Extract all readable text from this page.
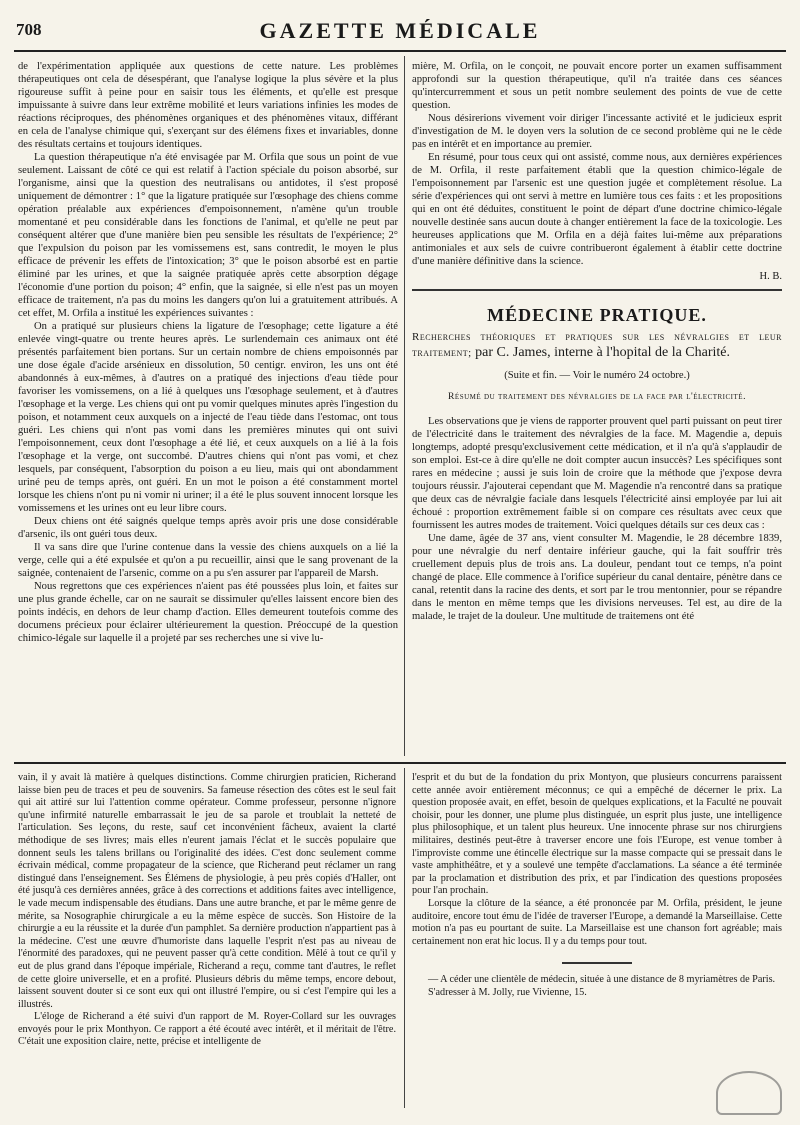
708	GAZETTE MÉDICALE

de l'expérimentation appliquée aux questions de cette nature. Les problèmes thérapeutiques ont cela de désespérant, que l'analyse logique la plus sévère et la plus rigoureuse suffit à peine pour en saisir tous les éléments, et qu'elle est presque impuissante à suivre dans leur extrême mobilité et leurs variations infinies les modes de réactions réciproques, des phénomènes organiques et des phénomènes vitaux, différant en cela de l'analyse chimique qui, s'exerçant sur des élémens fixes et invariables, donne des résultats certains et toujours identiques.

La question thérapeutique n'a été envisagée par M. Orfila que sous un point de vue seulement. Laissant de côté ce qui est relatif à l'action spéciale du poison absorbé, sur l'organisme, ainsi que la question des neutralisans ou antidotes, il s'est proposé uniquement de démontrer : 1° que la ligature pratiquée sur l'œsophage des chiens comme opération préalable aux expériences d'empoisonnement, n'amène qu'un trouble momentané et peu considérable dans les fonctions de l'animal, et qu'elle ne peut par conséquent altérer que d'une manière bien peu sensible les résultats de l'expérience; 2° que l'expulsion du poison par les vomissemens est, sans contredit, le moyen le plus efficace de prévenir les effets de l'intoxication; 3° que le poison absorbé est en partie éliminé par les urines, et que la saignée pratiquée après cette absorption dégage l'économie d'une portion du poison; 4° enfin, que la saignée, si elle n'est pas un moyen efficace de traitement, n'a pas du moins les dangers qu'on lui a gratuitement attribués. A cet effet, M. Orfila a institué les expériences suivantes :

On a pratiqué sur plusieurs chiens la ligature de l'œsophage; cette ligature a été enlevée vingt-quatre ou trente heures après. Le surlendemain ces animaux ont été présentés parfaitement bien portans. Sur un certain nombre de chiens empoisonnés par une dose égale d'acide arsénieux en dissolution, 50 centigr. environ, les uns ont été abandonnés à eux-mêmes, à d'autres on a pratiqué des injections d'eau tiède pour favoriser les vomissemens, on a lié à quelques uns l'œsophage seulement, et à d'autres l'œsophage et la verge. Les chiens qui ont pu vomir quelques minutes après l'ingestion du poison, et notamment ceux auxquels on a injecté de l'eau tiède dans l'estomac, ont tous guéri. Les chiens qui n'ont pas vomi dans les premières minutes qui ont suivi l'empoisonnement, ceux dont l'œsophage a été lié, et ceux auxquels on a lié à la fois l'œsophage et la verge, ont succombé. D'autres chiens qui n'ont pas vomi, et chez lesquels, par conséquent, l'absorption du poison a eu lieu, mais qui ont abondamment uriné peu de temps après, ont guéri. En un mot le poison a été constamment mortel lorsque les chiens n'ont pu ni vomir ni uriner; il a été le plus souvent innocent lorsque les vomissemens et les urines ont eu leur libre cours.

Deux chiens ont été saignés quelque temps après avoir pris une dose considérable d'arsenic, ils ont guéri tous deux.

Il va sans dire que l'urine contenue dans la vessie des chiens auxquels on a lié la verge, celle qui a été expulsée et qu'on a pu recueillir, ainsi que le sang provenant de la saignée, contenaient de l'arsenic, comme on a pu s'en assurer par l'appareil de Marsh.

Nous regrettons que ces expériences n'aient pas été poussées plus loin, et faites sur une plus grande échelle, car on ne saurait se dissimuler qu'elles laissent encore bien des points indécis, en dehors de leur champ d'action. Elles demeurent toutefois comme des documens précieux pour éclairer ultérieurement la question. Préoccupé de la question chimico-légale sur laquelle il a projeté par ses recherches une si vive lu-

mière, M. Orfila, on le conçoit, ne pouvait encore porter un examen suffisamment approfondi sur la question thérapeutique, qu'il n'a traitée dans ces séances qu'intercurremment et sous un petit nombre seulement des points de vue de cette question.

Nous désirerions vivement voir diriger l'incessante activité et le judicieux esprit d'investigation de M. le doyen vers la solution de ce second problème qui ne le cède pas en intérêt et en importance au premier.

En résumé, pour tous ceux qui ont assisté, comme nous, aux dernières expériences de M. Orfila, il reste parfaitement établi que la question chimico-légale de l'empoisonnement par l'arsenic est une question jugée et complètement résolue. La série d'expériences qui ont servi à mettre en lumière tous ces faits : et les propositions qui en ont été déduites, constituent le point de départ d'une doctrine chimico-légale nouvelle destinée sans aucun doute à changer entièrement la face de la toxicologie. Les heureuses applications que M. Orfila en a déjà faites lui-même aux préparations antimoniales et aux sels de cuivre contribueront également à établir cette doctrine d'une manière définitive dans la science.

H. B.
MÉDECINE PRATIQUE.
Recherches théoriques et pratiques sur les névralgies et leur traitement; par C. James, interne à l'hopital de la Charité.
(Suite et fin. — Voir le numéro 24 octobre.)
Résumé du traitement des névralgies de la face par l'électricité.

Les observations que je viens de rapporter prouvent quel parti puissant on peut tirer de l'électricité dans le traitement des névralgies de la face. M. Magendie a, depuis longtemps, adopté presqu'exclusivement cette médication, et il n'a qu'à s'applaudir de son emploi. Est-ce à dire qu'elle ne doit compter aucun insuccès? Les spécifiques sont rares en médecine ; aussi je suis loin de croire que la méthode que j'expose devra toujours réussir. J'ajouterai cependant que M. Magendie n'a rencontré dans sa pratique que deux cas de névralgie faciale dans lesquels l'électricité ainsi employée par lui ait échoué : proportion extrêmement faible si on compare ces résultats avec ceux que fournissent les autres modes de traitement. Voici quelques détails sur ces deux cas :

Une dame, âgée de 37 ans, vient consulter M. Magendie, le 28 décembre 1839, pour une névralgie du nerf dentaire inférieur gauche, qui la fait souffrir très cruellement depuis plus de trois ans. La douleur, pendant tout ce temps, n'a point changé de place. Elle commence à l'orifice supérieur du canal dentaire, pénètre dans ce canal, retentit dans la racine des dents, et sort par le trou mentonnier, pour se répandre dans le menton en même temps que les divisions nerveuses. Tel est, au dire de la malade, le trajet de la douleur. Une multitude de traitemens ont été

vain, il y avait là matière à quelques distinctions. Comme chirurgien praticien, Richerand laisse bien peu de traces et peu de souvenirs. Sa fameuse résection des côtes est le seul fait qui ait attiré sur lui l'attention comme opérateur. Comme professeur, personne n'ignore qu'une infirmité naturelle embarrassait le jeu de sa parole et troublait la netteté de l'articulation. Ses leçons, du reste, sauf cet inconvénient fâcheux, avaient la clarté méthodique de ses livres; mais elles n'eurent jamais l'éclat et le succès populaire que donnent seuls les talens brillans ou l'originalité des idées. C'est donc seulement comme écrivain médical, comme propagateur de la science, que Richerand peut réclamer un rang distingué dans l'enseignement. Ses Élémens de physiologie, à peu près copiés d'Haller, ont été jusqu'à ces dernières années, grâce à des corrections et additions faites avec intelligence, le vade mecum indispensable des étudians. Dans une autre branche, et par le même genre de mérite, sa Nosographie chirurgicale a eu la même espèce de succès. Son Histoire de la chirurgie a eu la réussite et la durée d'un pamphlet. Sa dernière production n'appartient pas à la médecine. C'est une œuvre d'humoriste dans laquelle l'esprit n'est pas au niveau de l'énormité des paradoxes, qui ne peuvent passer qu'à cette condition. Mêlé à tout ce qu'il y eut de plus grand dans l'époque impériale, Richerand a reçu, comme tant d'autres, le reflet de cette gloire universelle, et en a profité. Plusieurs débris du même temps, encore debout, laissent souvent douter si ce sont eux qui ont illustré l'empire, ou si c'est l'empire qui les a illustrés.

L'éloge de Richerand a été suivi d'un rapport de M. Royer-Collard sur les ouvrages envoyés pour le prix Monthyon. Ce rapport a été écouté avec intérêt, et il méritait de l'être. C'était une exposition claire, nette, précise et intelligente de

l'esprit et du but de la fondation du prix Montyon, que plusieurs concurrens paraissent cette année avoir entièrement méconnus; ce qui a empêché de décerner le prix. La question proposée avait, en effet, besoin de quelques explications, et la Faculté ne pouvait choisir, pour les donner, une plume plus distinguée, un esprit plus juste, une intelligence plus philosophique, et un talent plus heureux. Une innocente phrase sur nos chirurgiens militaires, destinés peut-être à traverser encore une fois l'Europe, est venue tomber à l'improviste comme une étincelle électrique sur la masse compacte qui se pressait dans le vaste amphithéâtre, et y a soulevé une tempête d'acclamations. La séance a été terminée par la proclamation et distribution des prix, et par l'indication des questions proposées pour l'an prochain.

Lorsque la clôture de la séance, a été prononcée par M. Orfila, président, le jeune auditoire, encore tout ému de l'idée de traverser l'Europe, a demandé la Marseillaise. Cette motion n'a pas eu pourtant de suite. La Marseillaise est une chanson fort agréable; mais certainement non erat hic locus. Il y a du temps pour tout.

— A céder une clientèle de médecin, située à une distance de 8 myriamètres de Paris.

S'adresser à M. Jolly, rue Vivienne, 15.
